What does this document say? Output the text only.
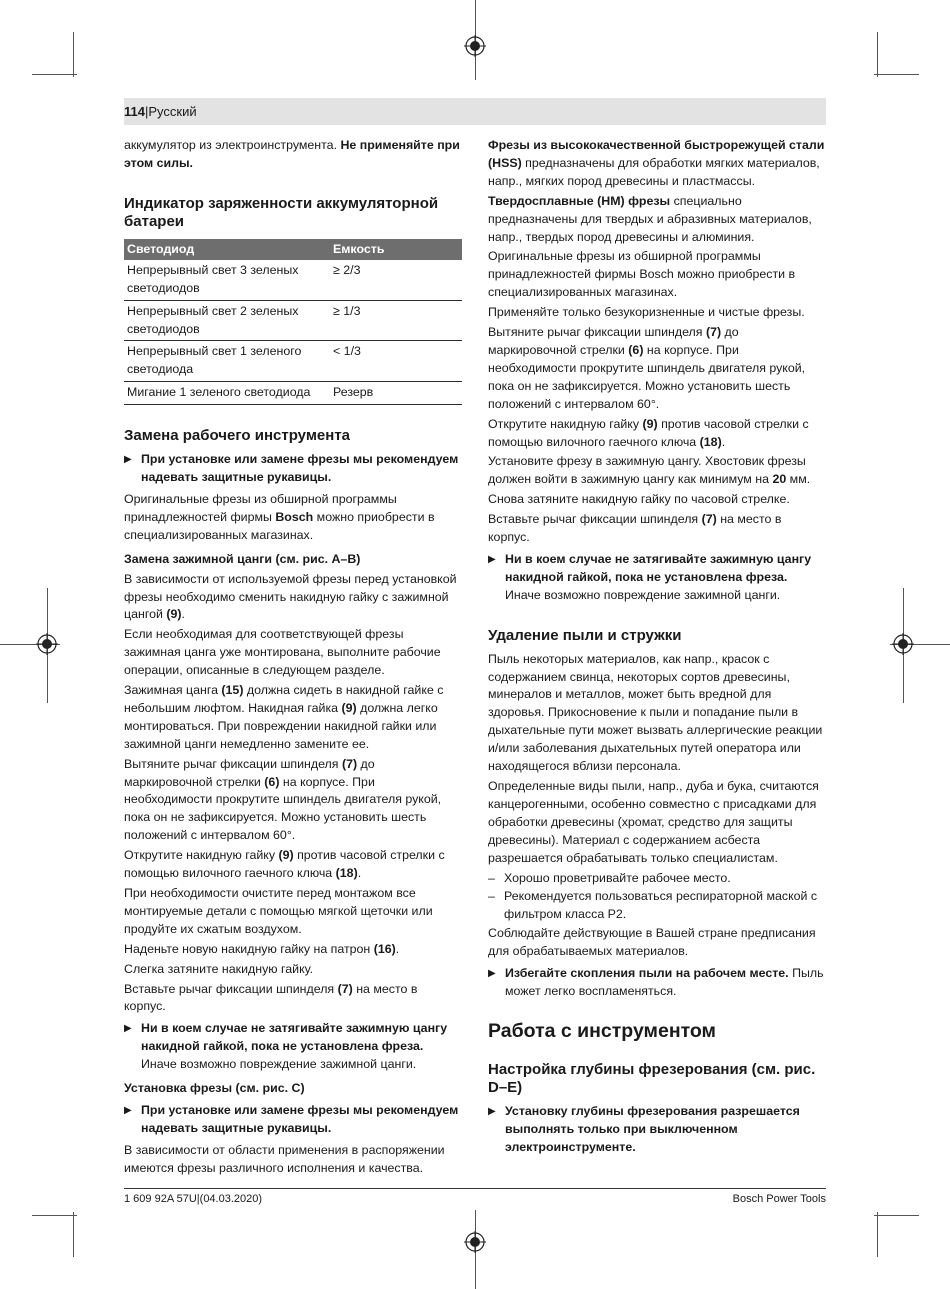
114|Русский

аккумулятор из электроинструмента. Не применяйте при этом силы.

Индикатор заряженности аккумуляторной батареи
Светодиод	Емкость
Непрерывный свет 3 зеленых светодиодов	≥ 2/3
Непрерывный свет 2 зеленых светодиодов	≥ 1/3
Непрерывный свет 1 зеленого светодиода	< 1/3
Мигание 1 зеленого светодиода	Резерв
Замена рабочего инструмента
▶ При установке или замене фрезы мы рекомендуем надевать защитные рукавицы.

Оригинальные фрезы из обширной программы принадлежностей фирмы Bosch можно приобрести в специализированных магазинах.

Замена зажимной цанги (см. рис. A–B)

В зависимости от используемой фрезы перед установкой фрезы необходимо сменить накидную гайку с зажимной цангой (9).

Если необходимая для соответствующей фрезы зажимная цанга уже монтирована, выполните рабочие операции, описанные в следующем разделе.

Зажимная цанга (15) должна сидеть в накидной гайке с небольшим люфтом. Накидная гайка (9) должна легко монтироваться. При повреждении накидной гайки или зажимной цанги немедленно замените ее.

Вытяните рычаг фиксации шпинделя (7) до маркировочной стрелки (6) на корпусе. При необходимости прокрутите шпиндель двигателя рукой, пока он не зафиксируется. Можно установить шесть положений с интервалом 60°.

Открутите накидную гайку (9) против часовой стрелки с помощью вилочного гаечного ключа (18).

При необходимости очистите перед монтажом все монтируемые детали с помощью мягкой щеточки или продуйте их сжатым воздухом.

Наденьте новую накидную гайку на патрон (16).

Слегка затяните накидную гайку.

Вставьте рычаг фиксации шпинделя (7) на место в корпус.

▶ Ни в коем случае не затягивайте зажимную цангу накидной гайкой, пока не установлена фреза. Иначе возможно повреждение зажимной цанги.
Установка фрезы (см. рис. C)
▶ При установке или замене фрезы мы рекомендуем надевать защитные рукавицы.

В зависимости от области применения в распоряжении имеются фрезы различного исполнения и качества.

Фрезы из высококачественной быстрорежущей стали (HSS) предназначены для обработки мягких материалов, напр., мягких пород древесины и пластмассы.

Твердосплавные (HM) фрезы специально предназначены для твердых и абразивных материалов, напр., твердых пород древесины и алюминия.

Оригинальные фрезы из обширной программы принадлежностей фирмы Bosch можно приобрести в специализированных магазинах.

Применяйте только безукоризненные и чистые фрезы.

Вытяните рычаг фиксации шпинделя (7) до маркировочной стрелки (6) на корпусе. При необходимости прокрутите шпиндель двигателя рукой, пока он не зафиксируется. Можно установить шесть положений с интервалом 60°.

Открутите накидную гайку (9) против часовой стрелки с помощью вилочного гаечного ключа (18).

Установите фрезу в зажимную цангу. Хвостовик фрезы должен войти в зажимную цангу как минимум на 20 мм.

Снова затяните накидную гайку по часовой стрелке.

Вставьте рычаг фиксации шпинделя (7) на место в корпус.

▶ Ни в коем случае не затягивайте зажимную цангу накидной гайкой, пока не установлена фреза. Иначе возможно повреждение зажимной цанги.
Удаление пыли и стружки

Пыль некоторых материалов, как напр., красок с содержанием свинца, некоторых сортов древесины, минералов и металлов, может быть вредной для здоровья. Прикосновение к пыли и попадание пыли в дыхательные пути может вызвать аллергические реакции и/или заболевания дыхательных путей оператора или находящегося вблизи персонала.

Определенные виды пыли, напр., дуба и бука, считаются канцерогенными, особенно совместно с присадками для обработки древесины (хромат, средство для защиты древесины). Материал с содержанием асбеста разрешается обрабатывать только специалистам.

– Хорошо проветривайте рабочее место.
– Рекомендуется пользоваться респираторной маской с фильтром класса P2.

Соблюдайте действующие в Вашей стране предписания для обрабатываемых материалов.

▶ Избегайте скопления пыли на рабочем месте. Пыль может легко воспламеняться.
Работа с инструментом
Настройка глубины фрезерования (см. рис. D–E)
▶ Установку глубины фрезерования разрешается выполнять только при выключенном электроинструменте.
1 609 92A 57U|(04.03.2020)	Bosch Power Tools
